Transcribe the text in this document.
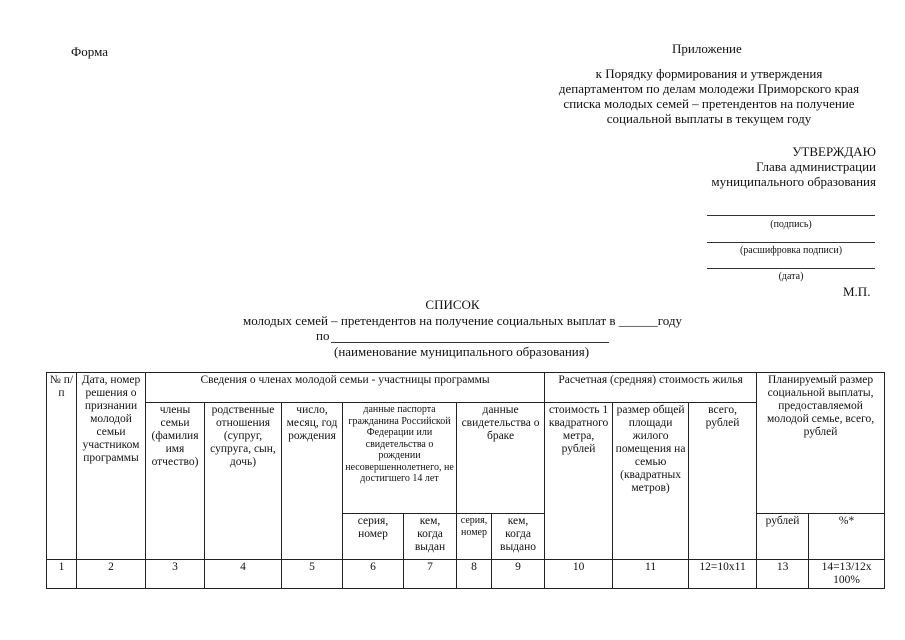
Форма	Приложение
к Порядку формирования и утверждения
департаментом по делам молодежи Приморского края
списка молодых семей – претендентов на получение
социальной выплаты в текущем году
УТВЕРЖДАЮ
Глава администрации
муниципального образования
(подпись)
(расшифровка подписи)
(дата)
М.П.
СПИСОК
молодых семей – претендентов на получение социальных выплат в ______году
по
(наименование муниципального образования)
№ п/п	Дата, номер решения о признании молодой семьи участником программы	Сведения о членах молодой семьи - участницы программы							Расчетная (средняя) стоимость жилья			Планируемый размер социальной выплаты, предоставляемой молодой семье, всего, рублей	
		члены семьи (фамилия имя отчество)	родственные отношения (супруг, супруга, сын, дочь)	число, месяц, год рождения	данные паспорта гражданина Российской Федерации или свидетельства о рождении несовершеннолетнего, не достигшего 14 лет		данные свидетельства о браке		стоимость 1 квадратного метра, рублей	размер общей площади жилого помещения на семью (квадратных метров)	всего, рублей		
					серия, номер	кем, когда выдан	серия, номер	кем, когда выдано				рублей	%*
1	2	3	4	5	6	7	8	9	10	11	12=10x11	13	14=13/12x 100%
